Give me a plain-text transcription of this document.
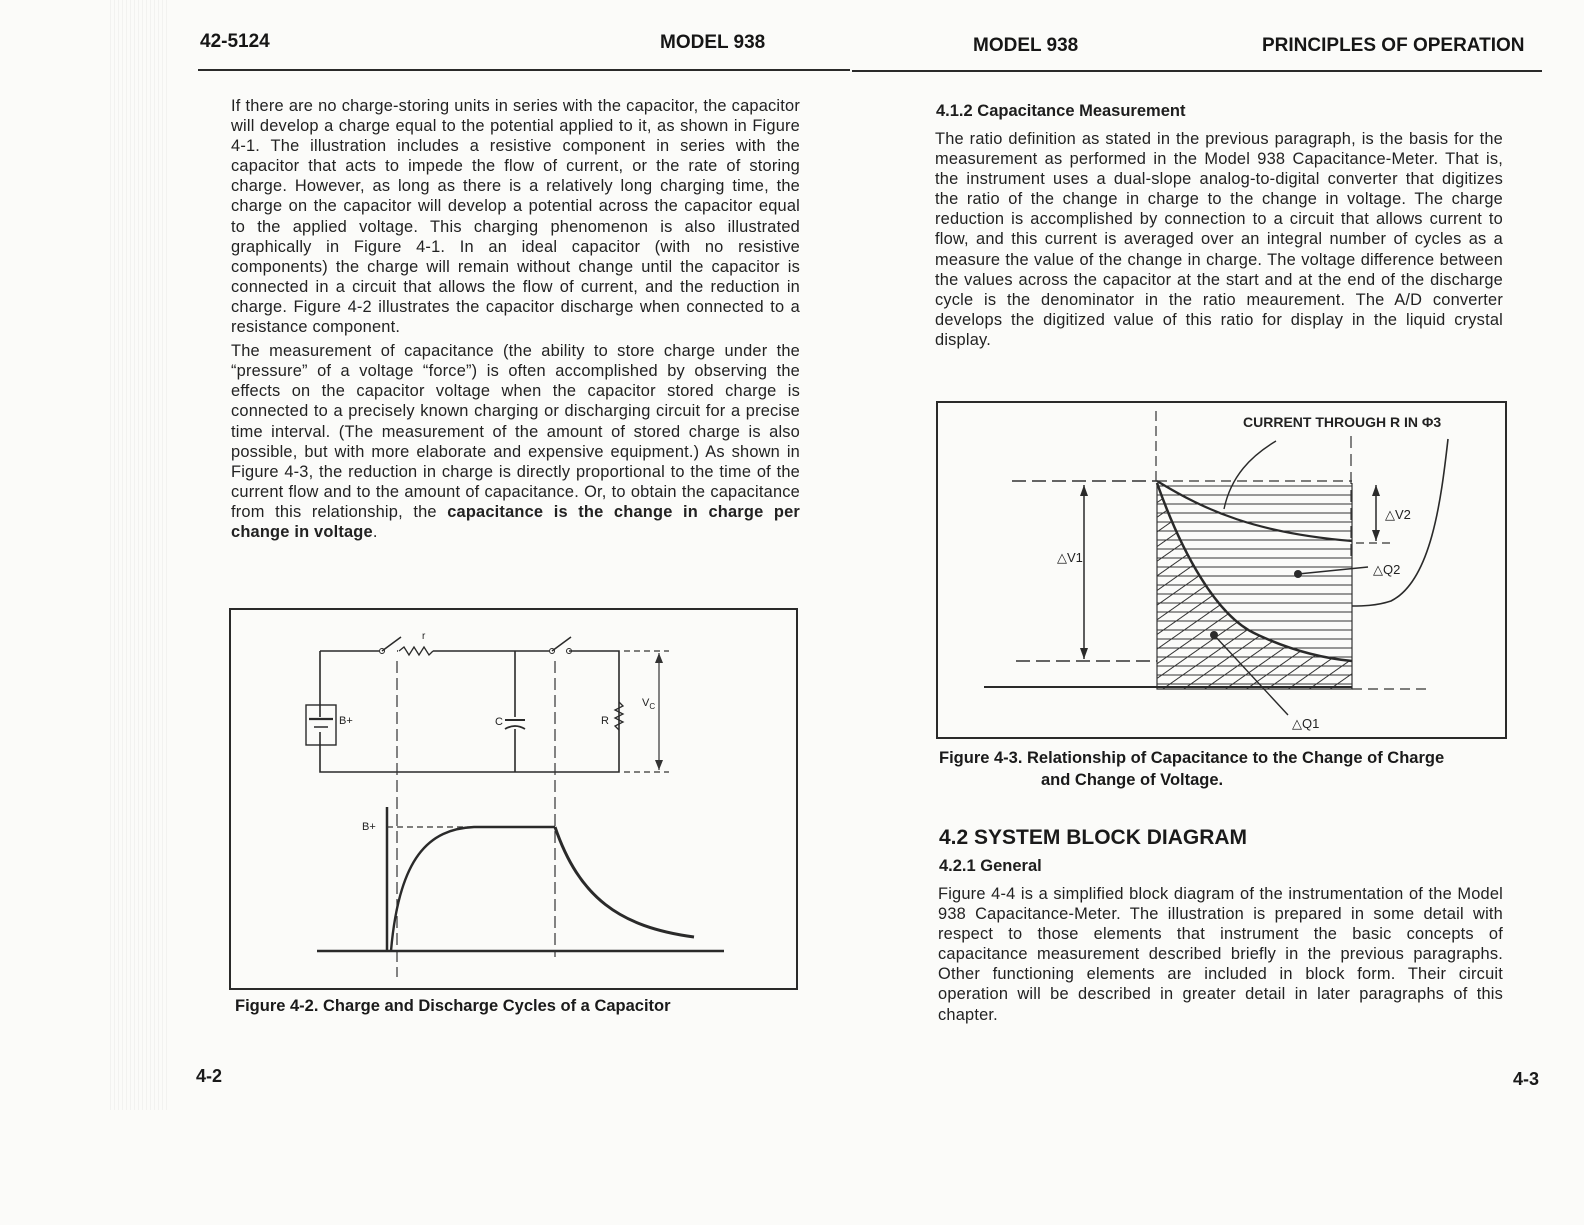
42-5124	MODEL 938

If there are no charge-storing units in series with the capacitor, the capacitor will develop a charge equal to the potential applied to it, as shown in Figure 4-1. The illustration includes a resistive component in series with the capacitor that acts to impede the flow of current, or the rate of storing charge. However, as long as there is a relatively long charging time, the charge on the capacitor will develop a potential across the capacitor equal to the applied voltage. This charging phenomenon is also illustrated graphically in Figure 4-1. In an ideal capacitor (with no resistive components) the charge will remain without change until the capacitor is connected in a circuit that allows the flow of current, and the reduction in charge. Figure 4-2 illustrates the capacitor discharge when connected to a resistance component.

The measurement of capacitance (the ability to store charge under the “pressure” of a voltage “force”) is often accomplished by observing the effects on the capacitor voltage when the capacitor stored charge is connected to a precisely known charging or discharging circuit for a precise time interval. (The measurement of the amount of stored charge is also possible, but with more elaborate and expensive equipment.) As shown in Figure 4-3, the reduction in charge is directly proportional to the time of the current flow and to the amount of capacitance. Or, to obtain the capacitance from this relationship, the capacitance is the change in charge per change in voltage.

r
B+	C	R
$V_C$
B+
Figure 4-2. Charge and Discharge Cycles of a Capacitor
4-2
MODEL 938	PRINCIPLES OF OPERATION
4.1.2 Capacitance Measurement
The ratio definition as stated in the previous paragraph, is the basis for the measurement as performed in the Model 938 Capacitance-Meter. That is, the instrument uses a dual-slope analog-to-digital converter that digitizes the ratio of the change in charge to the change in voltage. The charge reduction is accomplished by connection to a circuit that allows current to flow, and this current is averaged over an integral number of cycles as a measure the value of the change in charge. The voltage difference between the values across the capacitor at the start and at the end of the discharge cycle is the denominator in the ratio meaurement. The A/D converter develops the digitized value of this ratio for display in the liquid crystal display.
CURRENT THROUGH R IN Φ3
△V1
△V2
△Q2
△Q1
Figure 4-3. Relationship of Capacitance to the Change of Charge
and Change of Voltage.
4.2 SYSTEM BLOCK DIAGRAM
4.2.1 General
Figure 4-4 is a simplified block diagram of the instrumentation of the Model 938 Capacitance-Meter. The illustration is prepared in some detail with respect to those elements that instrument the basic concepts of capacitance measurement described briefly in the previous paragraphs. Other functioning elements are included in block form. Their circuit operation will be described in greater detail in later paragraphs of this chapter.
4-3
